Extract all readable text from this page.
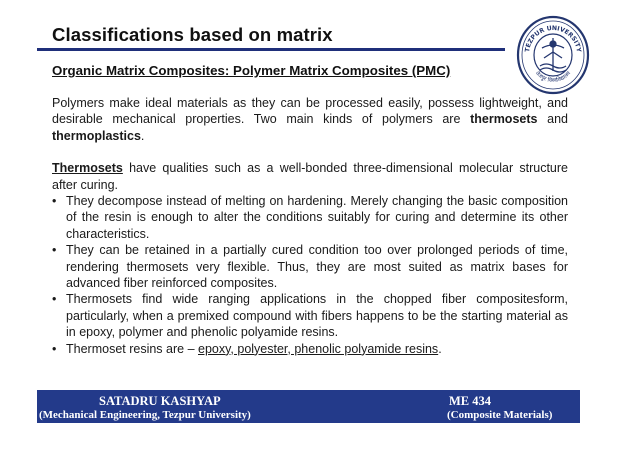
Classifications based on matrix
TEZPUR UNIVERSITY
तेजपुर विश्वविद्यालय
Organic Matrix Composites: Polymer Matrix Composites (PMC)

Polymers make ideal materials as they can be processed easily, possess lightweight, and desirable mechanical properties. Two main kinds of polymers are thermosets and thermoplastics.

Thermosets have qualities such as a well-bonded three-dimensional molecular structure after curing.

• They decompose instead of melting on hardening. Merely changing the basic composition of the resin is enough to alter the conditions suitably for curing and determine its other characteristics.
• They can be retained in a partially cured condition too over prolonged periods of time, rendering thermosets very flexible. Thus, they are most suited as matrix bases for advanced fiber reinforced composites.
• Thermosets find wide ranging applications in the chopped fiber compositesform, particularly, when a premixed compound with fibers happens to be the starting material as in epoxy, polymer and phenolic polyamide resins.
• Thermoset resins are – epoxy, polyester, phenolic polyamide resins.
SATADRU KASHYAP
(Mechanical Engineering, Tezpur University)
ME 434
(Composite Materials)
